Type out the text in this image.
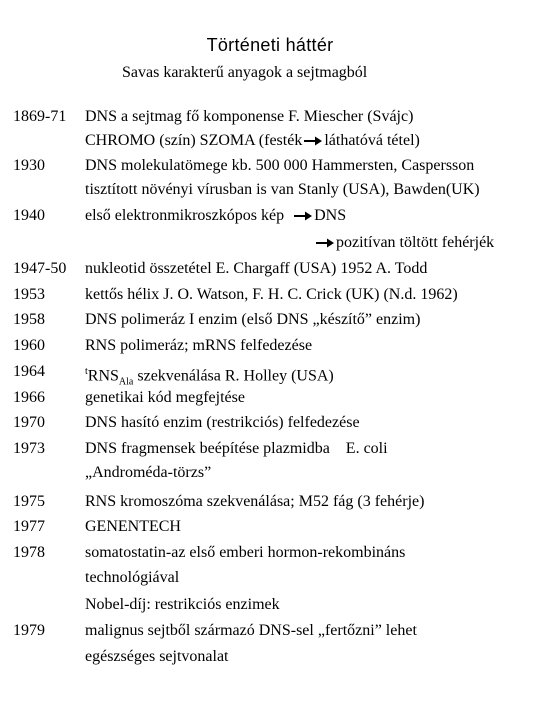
Történeti háttér
Savas karakterű anyagok a sejtmagból
1869-71 DNS a sejtmag fő komponense F. Miescher (Svájc)
CHROMO (szín) SZOMA (festék láthatóvá tétel)
1930	DNS molekulatömege kb. 500 000 Hammersten, Caspersson
tisztított növényi vírusban is van Stanly (USA), Bawden(UK)
1940	első elektronmikroszkópos kép DNS
pozitívan töltött fehérjék
1947-50 nukleotid összetétel E. Chargaff (USA) 1952 A. Todd
1953	kettős hélix J. O. Watson, F. H. C. Crick (UK) (N.d. 1962)
1958	DNS polimeráz I enzim (első DNS „készítő” enzim)
1960	RNS polimeráz; mRNS felfedezése
1964	$^tRNS_{Ala}$ szekvenálása R. Holley (USA)
1966	genetikai kód megfejtése
1970	DNS hasító enzim (restrikciós) felfedezése
1973	DNS fragmensek beépítése plazmidba    E. coli
„Androméda-törzs”
1975	RNS kromoszóma szekvenálása; M52 fág (3 fehérje)
1977	GENENTECH
1978	somatostatin-az első emberi hormon-rekombináns
technológiával
Nobel-díj: restrikciós enzimek
1979	malignus sejtből származó DNS-sel „fertőzni” lehet
egészséges sejtvonalat
